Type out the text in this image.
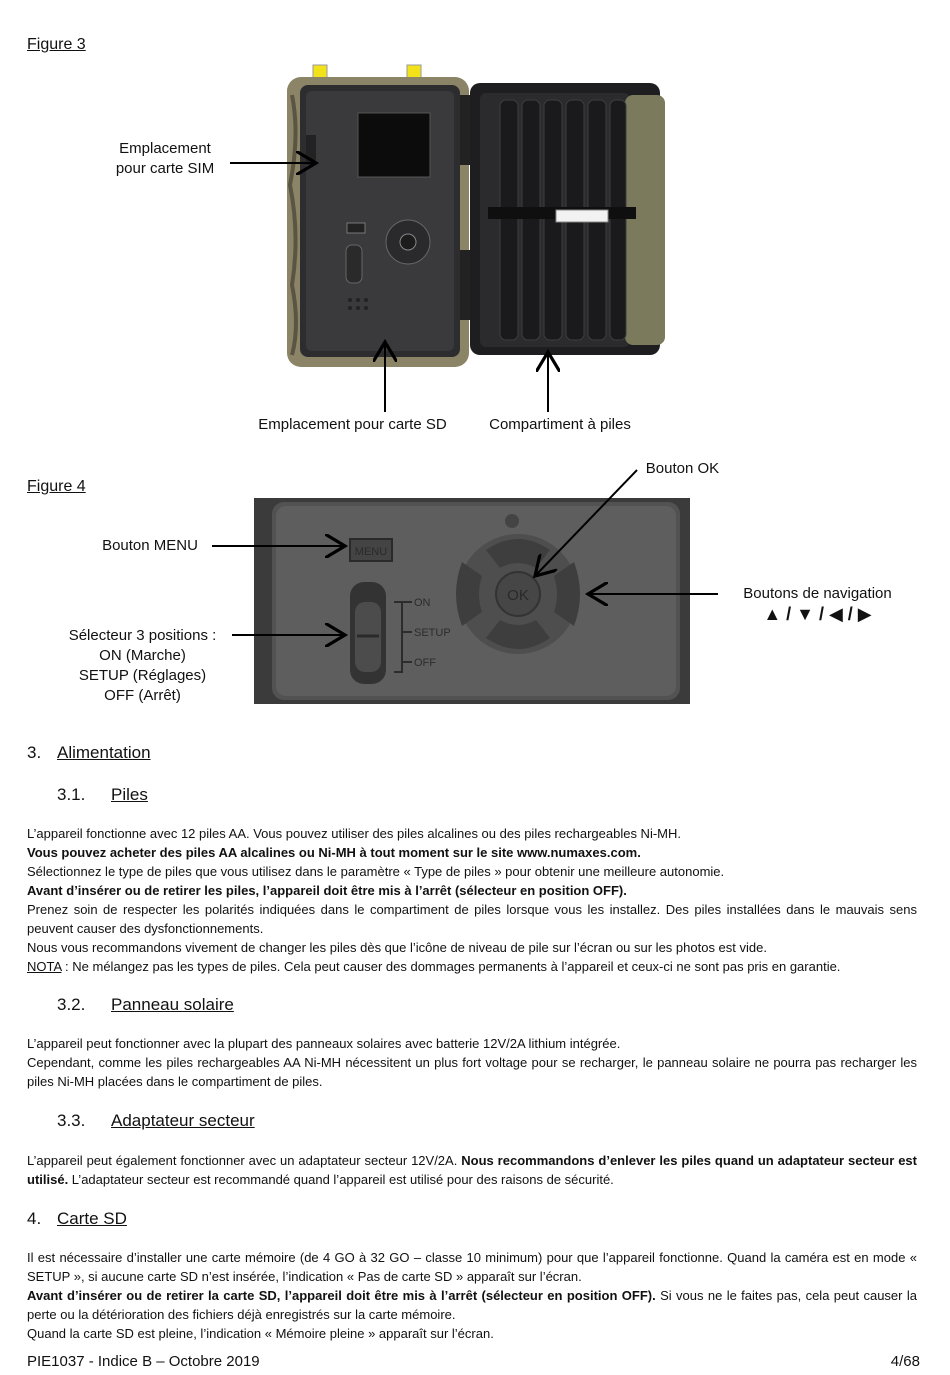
Figure 3
Emplacement
pour carte SIM
Emplacement pour carte SD	Compartiment à piles
Figure 4
Bouton OK
MENU
ON
SETUP
OFF
OK
Bouton MENU
Boutons de navigation
▲ / ▼ / ◀ / ▶
Sélecteur 3 positions :
ON (Marche)
SETUP (Réglages)
OFF (Arrêt)
3. Alimentation
3.1. Piles

L’appareil fonctionne avec 12 piles AA. Vous pouvez utiliser des piles alcalines ou des piles rechargeables Ni-MH.

Vous pouvez acheter des piles AA alcalines ou Ni-MH à tout moment sur le site www.numaxes.com.

Sélectionnez le type de piles que vous utilisez dans le paramètre « Type de piles » pour obtenir une meilleure autonomie.

Avant d’insérer ou de retirer les piles, l’appareil doit être mis à l’arrêt (sélecteur en position OFF).

Prenez soin de respecter les polarités indiquées dans le compartiment de piles lorsque vous les installez. Des piles installées dans le mauvais sens peuvent causer des dysfonctionnements.

Nous vous recommandons vivement de changer les piles dès que l’icône de niveau de pile sur l’écran ou sur les photos est vide.

NOTA : Ne mélangez pas les types de piles. Cela peut causer des dommages permanents à l’appareil et ceux-ci ne sont pas pris en garantie.

3.2. Panneau solaire

L’appareil peut fonctionner avec la plupart des panneaux solaires avec batterie 12V/2A lithium intégrée.

Cependant, comme les piles rechargeables AA Ni-MH nécessitent un plus fort voltage pour se recharger, le panneau solaire ne pourra pas recharger les piles Ni-MH placées dans le compartiment de piles.

3.3. Adaptateur secteur

L’appareil peut également fonctionner avec un adaptateur secteur 12V/2A. Nous recommandons d’enlever les piles quand un adaptateur secteur est utilisé. L’adaptateur secteur est recommandé quand l’appareil est utilisé pour des raisons de sécurité.

4. Carte SD

Il est nécessaire d’installer une carte mémoire (de 4 GO à 32 GO – classe 10 minimum) pour que l’appareil fonctionne. Quand la caméra est en mode « SETUP », si aucune carte SD n’est insérée, l’indication « Pas de carte SD » apparaît sur l’écran.

Avant d’insérer ou de retirer la carte SD, l’appareil doit être mis à l’arrêt (sélecteur en position OFF). Si vous ne le faites pas, cela peut causer la perte ou la détérioration des fichiers déjà enregistrés sur la carte mémoire.

Quand la carte SD est pleine, l’indication « Mémoire pleine » apparaît sur l’écran.

PIE1037 - Indice B – Octobre 2019	4/68
